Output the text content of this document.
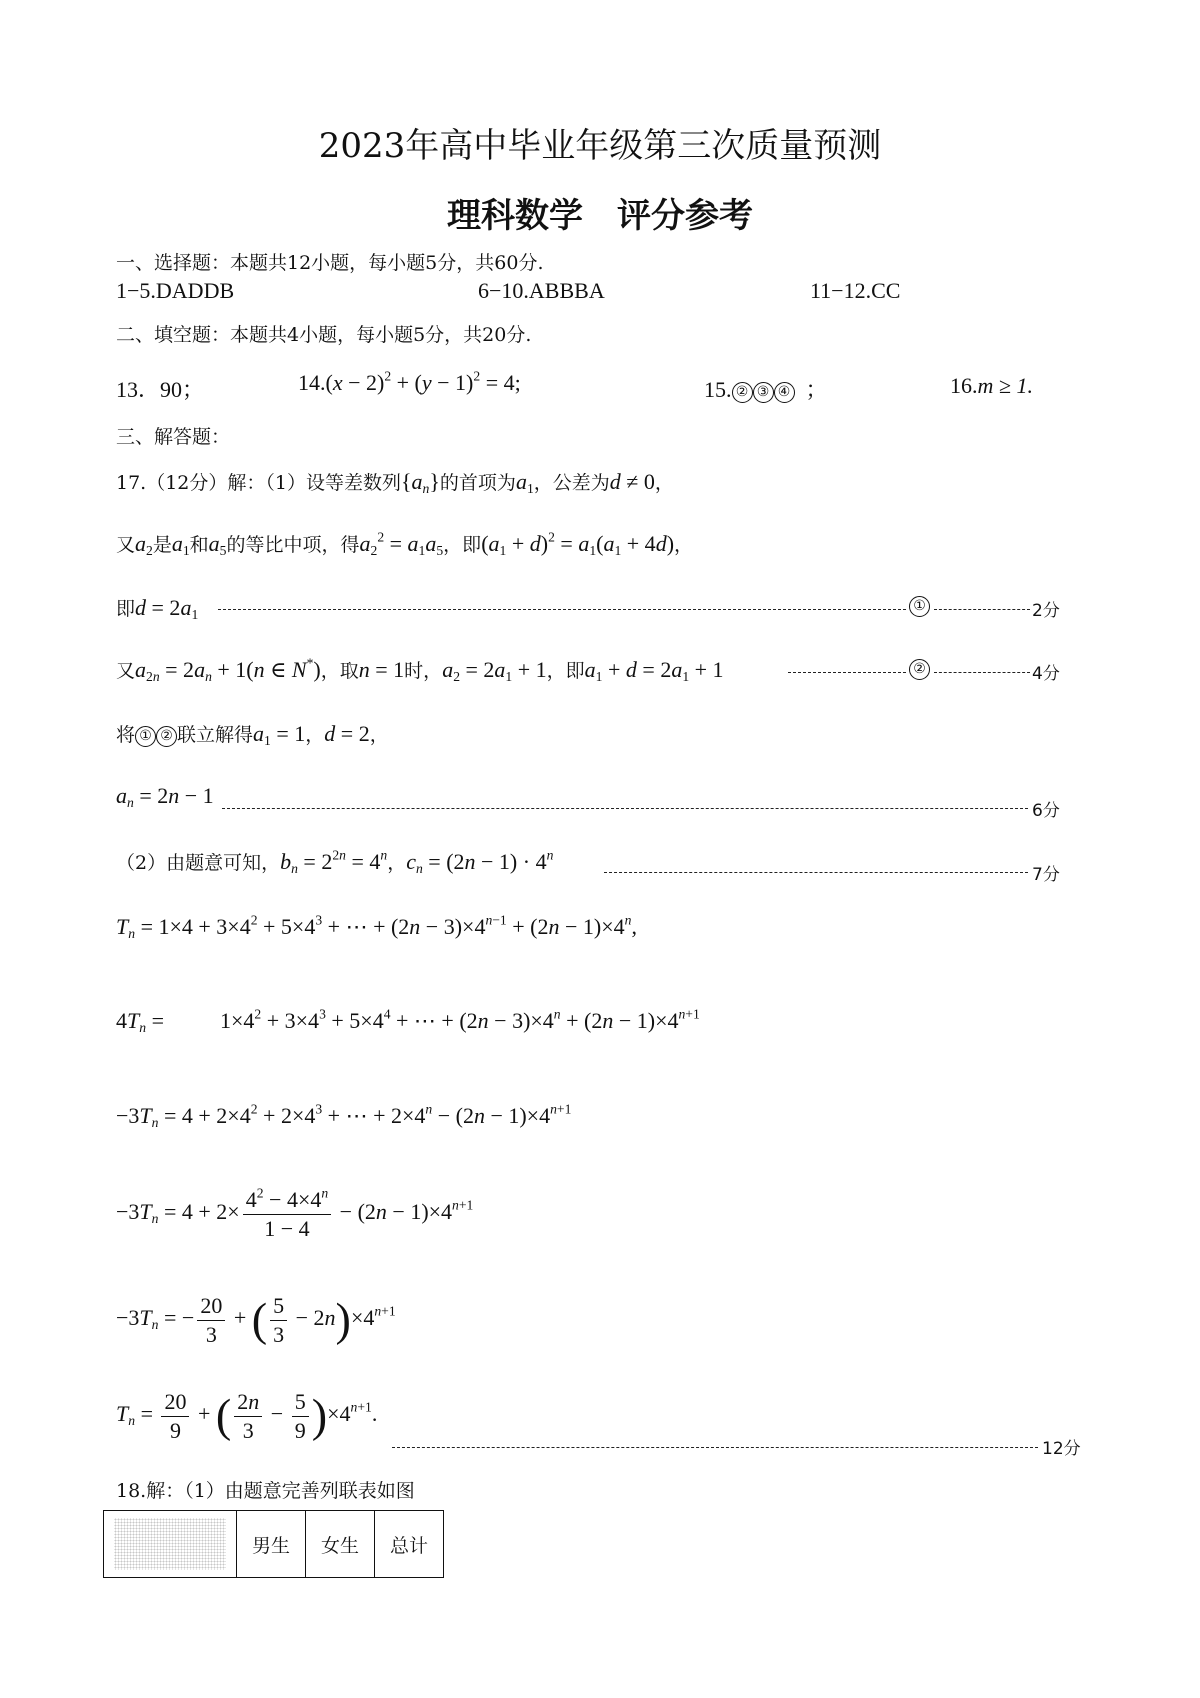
2023年高中毕业年级第三次质量预测
理科数学　评分参考
一、选择题：本题共12小题，每小题5分，共60分.
1−5.DADDB	6−10.ABBBA	11−12.CC
二、填空题：本题共4小题，每小题5分，共20分.
13．90；	$14.(x - 2)^2 + (y - 1)^2 = 4$;	15. ② ③ ④ ；	16.m ≥ 1.
三、解答题：
17.（12分）解：（1）设等差数列$\{a_n\}$的首项为$a_1$，公差为d ≠ 0，
又$a_2$是$a_1$和$a_5$的等比中项，得$a_2^2 = a_1a_5$，即$(a_1 + d)^2 = a_1(a_1 + 4d)$，
即$d = 2a_1$
①	2分
又$a_{2n} = 2a_n + 1(n$ ∈ N*)，取n = 1时，$a_2 = 2a_1 + 1$，即$a_1 + d = 2a_1 + 1$	②	4分
将 ① ② 联立解得$a_1 = 1$，d = 2，
$a_n = 2n - 1$
6分
（2）由题意可知，$b_n = 2^{2n} = 4^n$，$c_n = (2n - 1) \cdot 4^n$
7分
$T_n = 1\times 4 + 3\times 4^2 + 5\times 4^3$ + ⋯ + $(2n - 3)\times 4^{n-1} + (2n - 1)\times 4^n$,
$4T_n$ =	$1\times 4^2 + 3\times 4^3 + 5\times 4^4$ + ⋯ + $(2n - 3)\times 4^n + (2n - 1)\times 4^{n+1}$
$-3T_n = 4 + 2\times 4^2 + 2\times 4^3$ + ⋯ + $2\times 4^n - (2n - 1)\times 4^{n+1}$
$-3T_n = 4 + 2\times \frac{4^2 - 4\times 4^n}{1 - 4} - (2n - 1)\times 4^{n+1}$
$-3T_n$ = − $\frac{20}{3}$ + ( $\frac{5}{3} - 2n)\times 4^{n+1}$
$T_n = \frac{20}{9}$ + ( $\frac{2n}{3} - \frac{5}{9} )\times 4^{n+1}$.
12分
18.解：（1）由题意完善列联表如图
	男生	女生	总计
